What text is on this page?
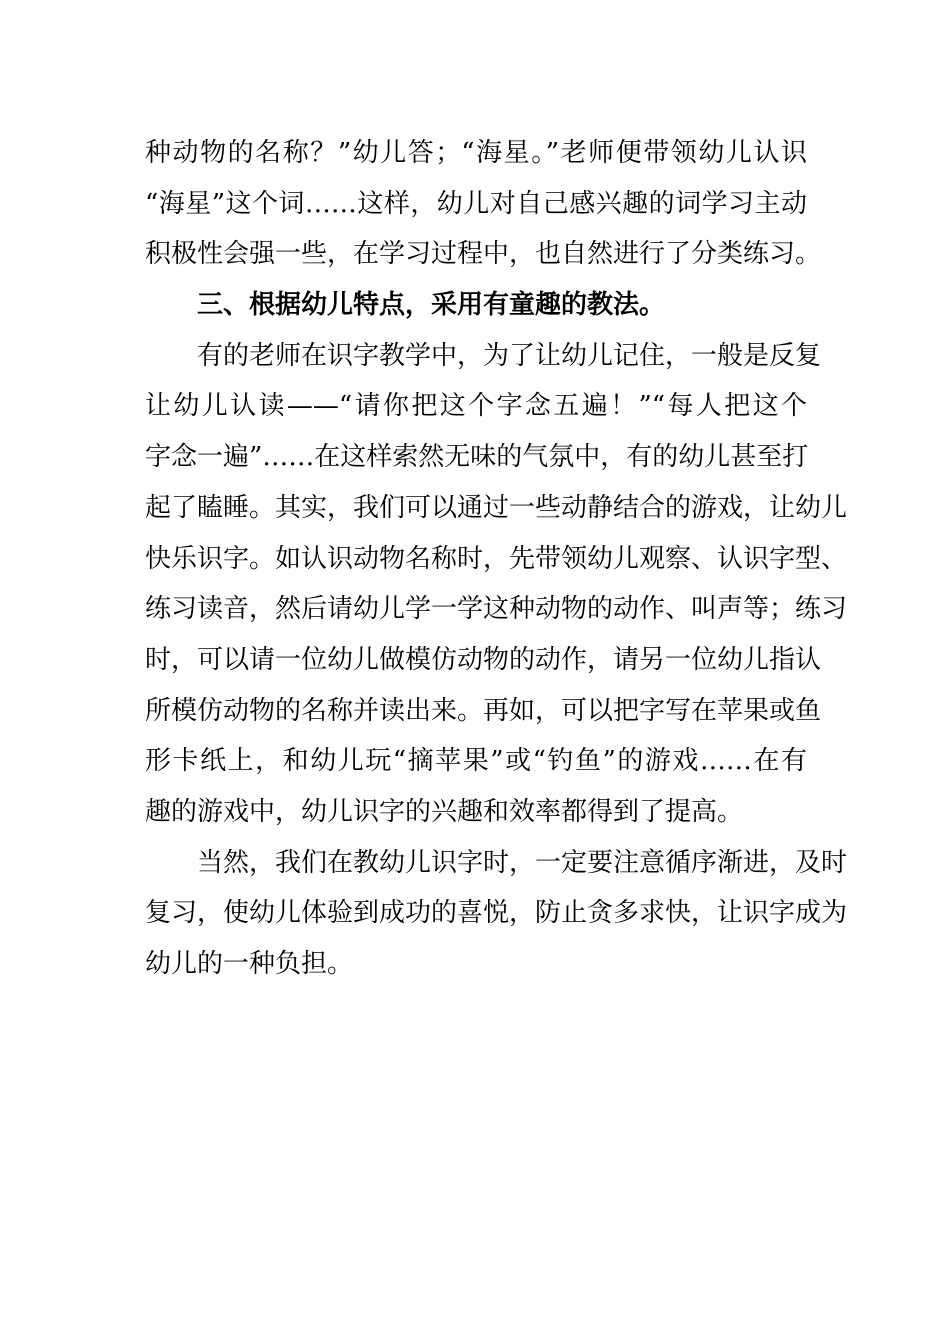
种动物的名称？”幼儿答；“海星。”老师便带领幼儿认识
“海星”这个词……这样，幼儿对自己感兴趣的词学习主动
积极性会强一些，在学习过程中，也自然进行了分类练习。
三、根据幼儿特点，采用有童趣的教法。
有的老师在识字教学中，为了让幼儿记住，一般是反复
让幼儿认读——“请你把这个字念五遍！”“每人把这个
字念一遍”……在这样索然无味的气氛中，有的幼儿甚至打
起了瞌睡。其实，我们可以通过一些动静结合的游戏，让幼儿
快乐识字。如认识动物名称时，先带领幼儿观察、认识字型、
练习读音，然后请幼儿学一学这种动物的动作、叫声等；练习
时，可以请一位幼儿做模仿动物的动作，请另一位幼儿指认
所模仿动物的名称并读出来。再如，可以把字写在苹果或鱼
形卡纸上，和幼儿玩“摘苹果”或“钓鱼”的游戏……在有
趣的游戏中，幼儿识字的兴趣和效率都得到了提高。
当然，我们在教幼儿识字时，一定要注意循序渐进，及时
复习，使幼儿体验到成功的喜悦，防止贪多求快，让识字成为
幼儿的一种负担。
